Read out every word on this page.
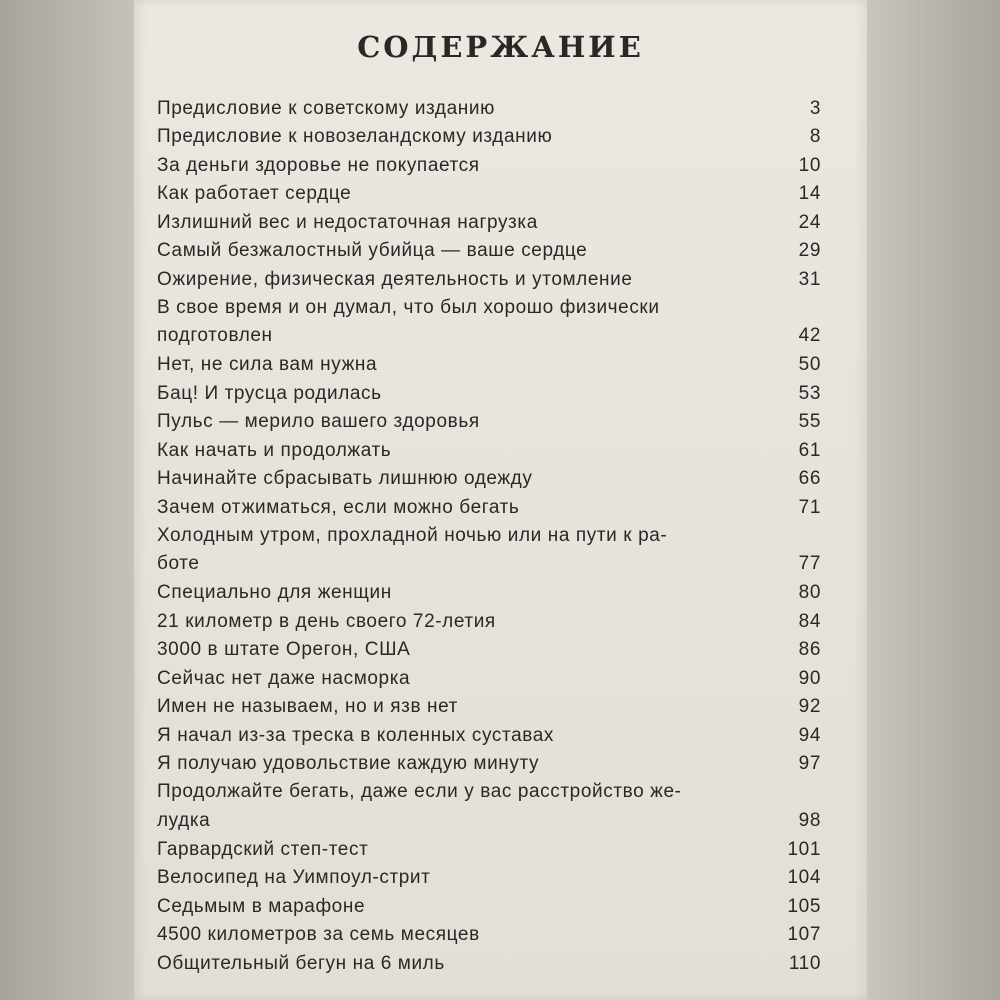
СОДЕРЖАНИЕ
Предисловие к советскому изданию	3
Предисловие к новозеландскому изданию	8
За деньги здоровье не покупается	10
Как работает сердце	14
Излишний вес и недостаточная нагрузка	24
Самый безжалостный убийца — ваше сердце	29
Ожирение, физическая деятельность и утомление	31
В свое время и он думал, что был хорошо физически
подготовлен	42
Нет, не сила вам нужна	50
Бац! И трусца родилась	53
Пульс — мерило вашего здоровья	55
Как начать и продолжать	61
Начинайте сбрасывать лишнюю одежду	66
Зачем отжиматься, если можно бегать	71
Холодным утром, прохладной ночью или на пути к ра-
боте	77
Специально для женщин	80
21 километр в день своего 72-летия	84
3000 в штате Орегон, США	86
Сейчас нет даже насморка	90
Имен не называем, но и язв нет	92
Я начал из-за треска в коленных суставах	94
Я получаю удовольствие каждую минуту	97
Продолжайте бегать, даже если у вас расстройство же-
лудка	98
Гарвардский степ-тест	101
Велосипед на Уимпоул-стрит	104
Седьмым в марафоне	105
4500 километров за семь месяцев	107
Общительный бегун на 6 миль	110
